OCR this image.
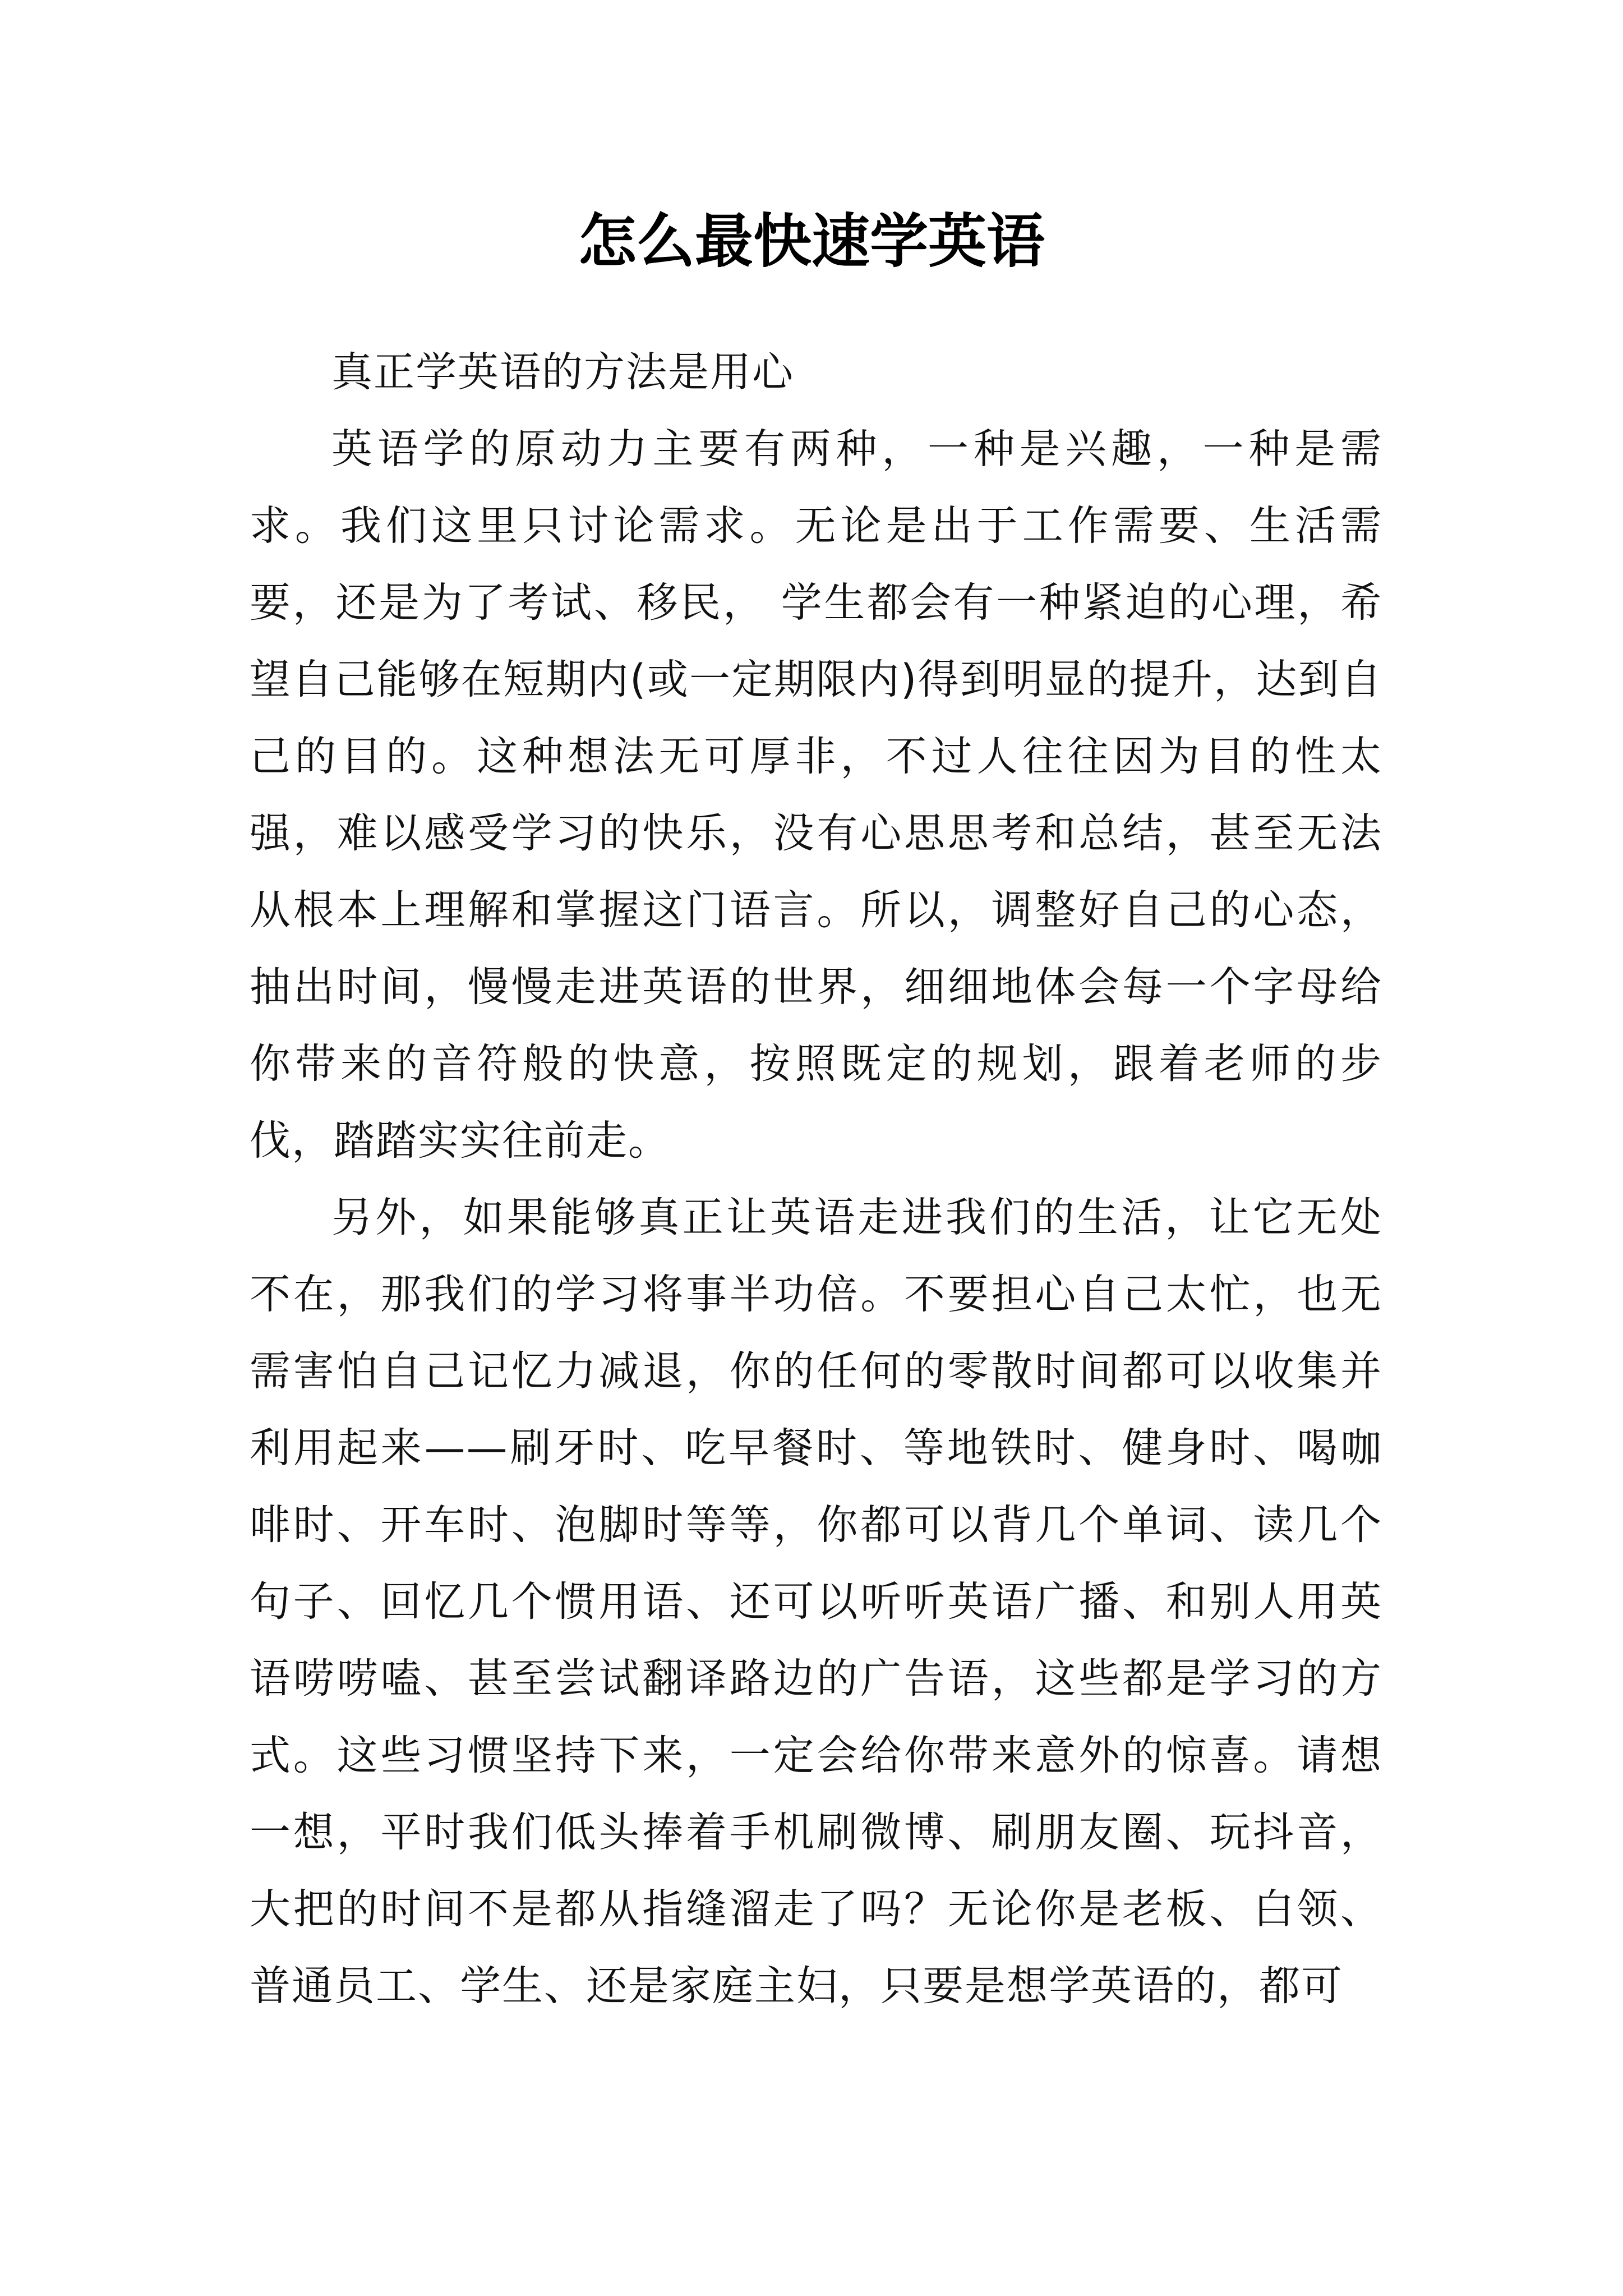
怎么最快速学英语

真正学英语的方法是用心

英语学的原动力主要有两种，一种是兴趣，一种是需求。我们这里只讨论需求。无论是出于工作需要、生活需要，还是为了考试、移民， 学生都会有一种紧迫的心理，希望自己能够在短期内(或一定期限内)得到明显的提升，达到自己的目的。这种想法无可厚非，不过人往往因为目的性太强，难以感受学习的快乐，没有心思思考和总结，甚至无法从根本上理解和掌握这门语言。所以，调整好自己的心态，抽出时间，慢慢走进英语的世界，细细地体会每一个字母给你带来的音符般的快意，按照既定的规划，跟着老师的步伐，踏踏实实往前走。

另外，如果能够真正让英语走进我们的生活，让它无处不在，那我们的学习将事半功倍。不要担心自己太忙，也无需害怕自己记忆力减退，你的任何的零散时间都可以收集并利用起来——刷牙时、吃早餐时、等地铁时、健身时、喝咖啡时、开车时、泡脚时等等，你都可以背几个单词、读几个句子、回忆几个惯用语、还可以听听英语广播、和别人用英语唠唠嗑、甚至尝试翻译路边的广告语，这些都是学习的方式。这些习惯坚持下来，一定会给你带来意外的惊喜。请想一想，平时我们低头捧着手机刷微博、刷朋友圈、玩抖音，大把的时间不是都从指缝溜走了吗？无论你是老板、白领、普通员工、学生、还是家庭主妇，只要是想学英语的，都可
